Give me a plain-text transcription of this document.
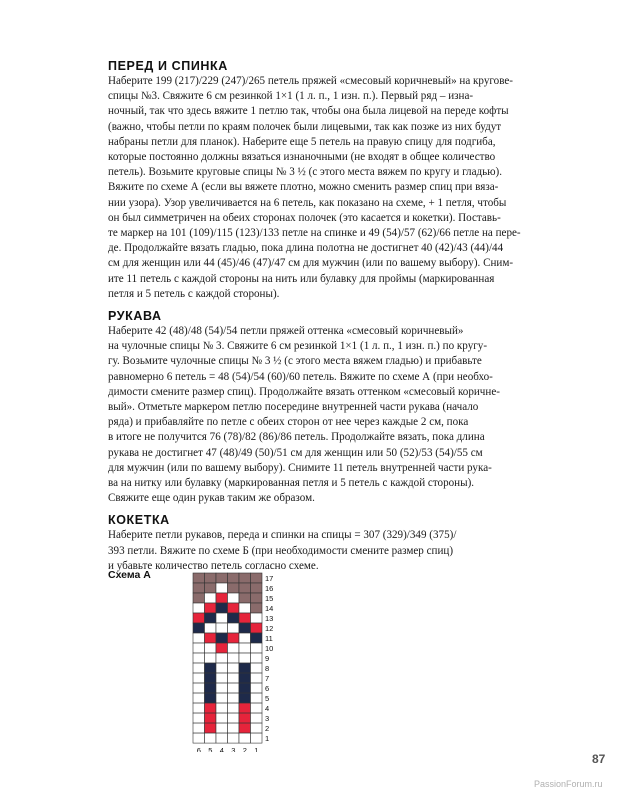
ПЕРЕД И СПИНКА

Наберите 199 (217)/229 (247)/265 петель пряжей «смесовый коричневый» на кругове-

спицы №3. Свяжите 6 см резинкой 1×1 (1 л. п., 1 изн. п.). Первый ряд – изна-

ночный, так что здесь вяжите 1 петлю так, чтобы она была лицевой на переде кофты

(важно, чтобы петли по краям полочек были лицевыми, так как позже из них будут

набраны петли для планок). Наберите еще 5 петель на правую спицу для подгиба,

которые постоянно должны вязаться изнаночными (не входят в общее количество

петель). Возьмите круговые спицы № 3 ½ (с этого места вяжем по кругу и гладью).

Вяжите по схеме А (если вы вяжете плотно, можно сменить размер спиц при вяза-

нии узора). Узор увеличивается на 6 петель, как показано на схеме, + 1 петля, чтобы

он был симметричен на обеих сторонах полочек (это касается и кокетки). Поставь-

те маркер на 101 (109)/115 (123)/133 петле на спинке и 49 (54)/57 (62)/66 петле на пере-

де. Продолжайте вязать гладью, пока длина полотна не достигнет 40 (42)/43 (44)/44

см для женщин или 44 (45)/46 (47)/47 см для мужчин (или по вашему выбору). Сним-

ите 11 петель с каждой стороны на нить или булавку для проймы (маркированная

петля и 5 петель с каждой стороны).

РУКАВА

Наберите 42 (48)/48 (54)/54 петли пряжей оттенка «смесовый коричневый»

на чулочные спицы № 3. Свяжите 6 см резинкой 1×1 (1 л. п., 1 изн. п.) по кругу-

гу. Возьмите чулочные спицы № 3 ½ (с этого места вяжем гладью) и прибавьте

равномерно 6 петель = 48 (54)/54 (60)/60 петель. Вяжите по схеме А (при необхо-

димости смените размер спиц). Продолжайте вязать оттенком «смесовый коричне-

вый». Отметьте маркером петлю посередине внутренней части рукава (начало

ряда) и прибавляйте по петле с обеих сторон от нее через каждые 2 см, пока

в итоге не получится 76 (78)/82 (86)/86 петель. Продолжайте вязать, пока длина

рукава не достигнет 47 (48)/49 (50)/51 см для женщин или 50 (52)/53 (54)/55 см

для мужчин (или по вашему выбору). Снимите 11 петель внутренней части рука-

ва на нитку или булавку (маркированная петля и 5 петель с каждой стороны).

Свяжите еще один рукав таким же образом.

КОКЕТКА

Наберите петли рукавов, переда и спинки на спицы = 307 (329)/349 (375)/

393 петли. Вяжите по схеме Б (при необходимости смените размер спиц)

и убавьте количество петель согласно схеме.

Схема А	17
16
15
14
13
12
11
10
9
8
7
6
5
4
3
2
1
6 5 4 3 2 1
87
PassionForum.ru
